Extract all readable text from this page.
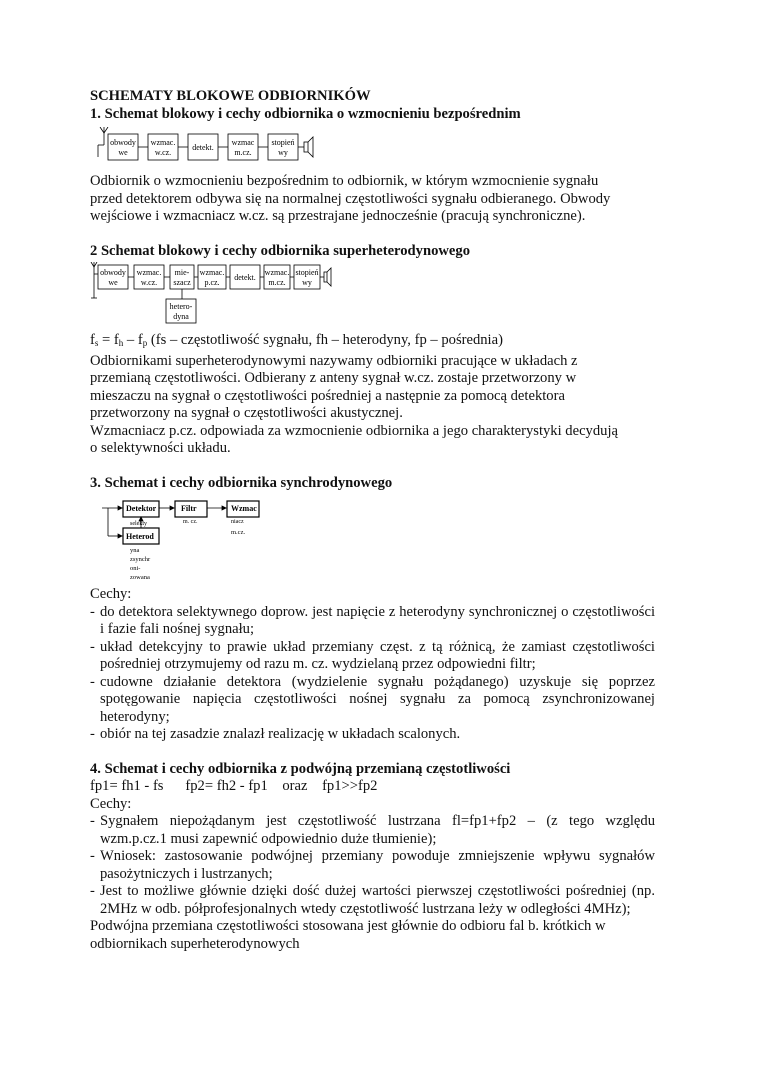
SCHEMATY BLOKOWE ODBIORNIKÓW
1. Schemat blokowy i cechy odbiornika o wzmocnieniu bezpośrednim
obwody
we
wzmac.
w.cz.
detekt.
wzmac
m.cz.
stopień
wy
Odbiornik o wzmocnieniu bezpośrednim to odbiornik, w którym wzmocnienie sygnału
przed detektorem odbywa się na normalnej częstotliwości sygnału odbieranego. Obwody
wejściowe i wzmacniacz w.cz. są przestrajane jednocześnie (pracują synchroniczne).
2 Schemat blokowy i cechy odbiornika superheterodynowego
obwody
we
wzmac.
w.cz.
mie-
szacz
wzmac.
p.cz.
detekt.
wzmac.
m.cz.
stopień
wy
hetero-
dyna
$f_s = f_h - f_p$ (fs – częstotliwość sygnału, fh – heterodyny, fp – pośrednia)
Odbiornikami superheterodynowymi nazywamy odbiorniki pracujące w układach z
przemianą częstotliwości. Odbierany z anteny sygnał w.cz. zostaje przetworzony w
mieszaczu na sygnał o częstotliwości pośredniej a następnie za pomocą detektora
przetworzony na sygnał o częstotliwości akustycznej.
Wzmacniacz p.cz. odpowiada za wzmocnienie odbiornika a jego charakterystyki decydują
o selektywności układu.
3. Schemat i cechy odbiornika synchrodynowego
Detektor
selekty
Filtr
m. cz.
Wzmac
niacz
m.cz.
Heterod
yna
zsynchr
oni-
zowana
Cechy:
- do detektora selektywnego doprow. jest napięcie z heterodyny synchronicznej o częstotliwości i fazie fali nośnej sygnału;
- układ detekcyjny to prawie układ przemiany częst. z tą różnicą, że zamiast częstotliwości pośredniej otrzymujemy od razu m. cz. wydzielaną przez odpowiedni filtr;
- cudowne działanie detektora (wydzielenie sygnału pożądanego) uzyskuje się poprzez spotęgowanie napięcia częstotliwości nośnej sygnału za pomocą zsynchronizowanej heterodyny;
- obiór na tej zasadzie znalazł realizację w układach scalonych.
4. Schemat i cechy odbiornika z podwójną przemianą częstotliwości
fp1= fh1 - fs      fp2= fh2 - fp1    oraz    fp1>>fp2
Cechy:
- Sygnałem niepożądanym jest częstotliwość lustrzana fl=fp1+fp2 – (z tego względu wzm.p.cz.1 musi zapewnić odpowiednio duże tłumienie);
- Wniosek: zastosowanie podwójnej przemiany powoduje zmniejszenie wpływu sygnałów pasożytniczych i lustrzanych;
- Jest to możliwe głównie dzięki dość dużej wartości pierwszej częstotliwości pośredniej (np. 2MHz w odb. półprofesjonalnych wtedy częstotliwość lustrzana leży w odległości 4MHz);
Podwójna przemiana częstotliwości stosowana jest głównie do odbioru fal b. krótkich w
odbiornikach superheterodynowych
